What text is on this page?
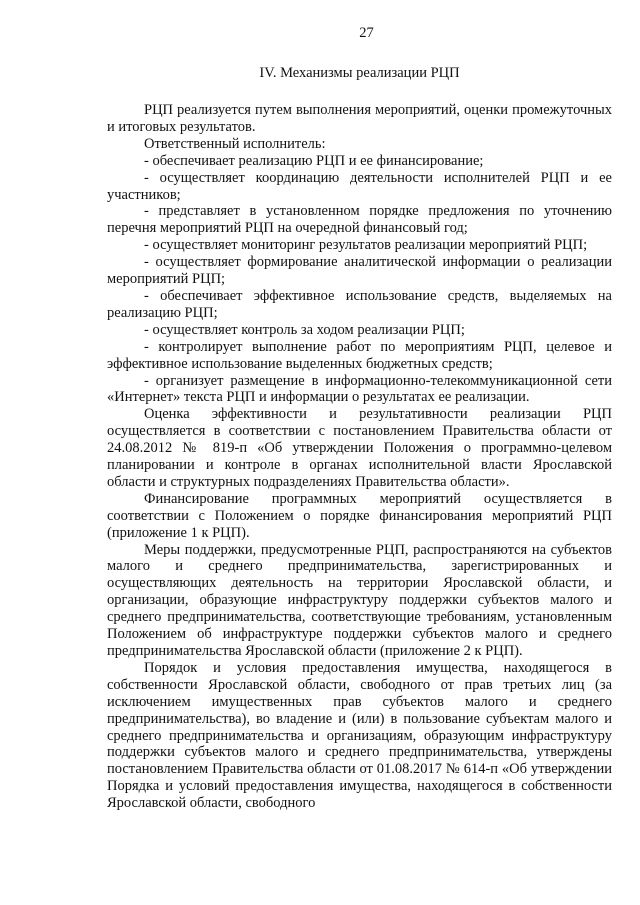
27
IV. Механизмы реализации РЦП

РЦП реализуется путем выполнения мероприятий, оценки промежуточных и итоговых результатов.

Ответственный исполнитель:

- обеспечивает реализацию РЦП и ее финансирование;

- осуществляет координацию деятельности исполнителей РЦП и ее участников;

- представляет в установленном порядке предложения по уточнению перечня мероприятий РЦП на очередной финансовый год;

- осуществляет мониторинг результатов реализации мероприятий РЦП;

- осуществляет формирование аналитической информации о реализации мероприятий РЦП;

- обеспечивает эффективное использование средств, выделяемых на реализацию РЦП;

- осуществляет контроль за ходом реализации РЦП;

- контролирует выполнение работ по мероприятиям РЦП, целевое и эффективное использование выделенных бюджетных средств;

- организует размещение в информационно-телекоммуникационной сети «Интернет» текста РЦП и информации о результатах ее реализации.

Оценка эффективности и результативности реализации РЦП осуществляется в соответствии с постановлением Правительства области от 24.08.2012 № 819-п «Об утверждении Положения о программно-целевом планировании и контроле в органах исполнительной власти Ярославской области и структурных подразделениях Правительства области».

Финансирование программных мероприятий осуществляется в соответствии с Положением о порядке финансирования мероприятий РЦП (приложение 1 к РЦП).

Меры поддержки, предусмотренные РЦП, распространяются на субъектов малого и среднего предпринимательства, зарегистрированных и осуществляющих деятельность на территории Ярославской области, и организации, образующие инфраструктуру поддержки субъектов малого и среднего предпринимательства, соответствующие требованиям, установленным Положением об инфраструктуре поддержки субъектов малого и среднего предпринимательства Ярославской области (приложение 2 к РЦП).

Порядок и условия предоставления имущества, находящегося в собственности Ярославской области, свободного от прав третьих лиц (за исключением имущественных прав субъектов малого и среднего предпринимательства), во владение и (или) в пользование субъектам малого и среднего предпринимательства и организациям, образующим инфраструктуру поддержки субъектов малого и среднего предпринимательства, утверждены постановлением Правительства области от 01.08.2017 № 614-п «Об утверждении Порядка и условий предоставления имущества, находящегося в собственности Ярославской области, свободного
